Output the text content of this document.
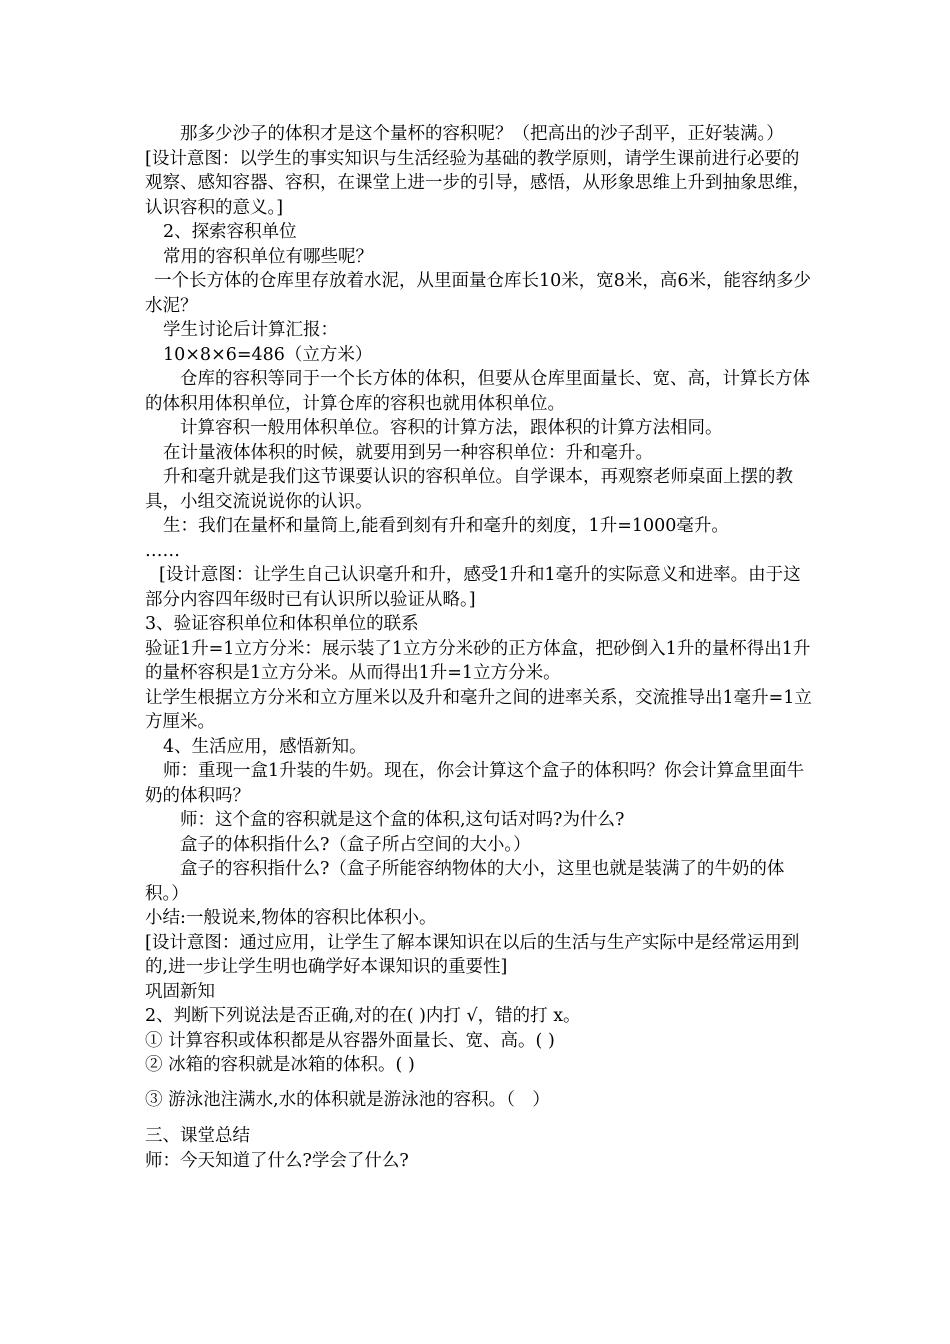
那多少沙子的体积才是这个量杯的容积呢？（把高出的沙子刮平，正好装满。）

[设计意图：以学生的事实知识与生活经验为基础的教学原则，请学生课前进行必要的观察、感知容器、容积，在课堂上进一步的引导，感悟，从形象思维上升到抽象思维，认识容积的意义。]

2、探索容积单位

常用的容积单位有哪些呢？

一个长方体的仓库里存放着水泥，从里面量仓库长10米，宽8米，高6米，能容纳多少水泥？

学生讨论后计算汇报：

10×8×6=486（立方米）

仓库的容积等同于一个长方体的体积，但要从仓库里面量长、宽、高，计算长方体的体积用体积单位，计算仓库的容积也就用体积单位。

计算容积一般用体积单位。容积的计算方法，跟体积的计算方法相同。

在计量液体体积的时候，就要用到另一种容积单位：升和毫升。

升和毫升就是我们这节课要认识的容积单位。自学课本，再观察老师桌面上摆的教具，小组交流说说你的认识。

生：我们在量杯和量筒上,能看到刻有升和毫升的刻度，1升=1000毫升。

……

[设计意图：让学生自己认识毫升和升，感受1升和1毫升的实际意义和进率。由于这部分内容四年级时已有认识所以验证从略。]

3、验证容积单位和体积单位的联系

验证1升=1立方分米：展示装了1立方分米砂的正方体盒，把砂倒入1升的量杯得出1升的量杯容积是1立方分米。从而得出1升=1立方分米。

让学生根据立方分米和立方厘米以及升和毫升之间的进率关系，交流推导出1毫升=1立方厘米。

4、生活应用，感悟新知。

师：重现一盒1升装的牛奶。现在，你会计算这个盒子的体积吗？你会计算盒里面牛奶的体积吗？

师：这个盒的容积就是这个盒的体积,这句话对吗?为什么?

盒子的体积指什么?（盒子所占空间的大小。）

盒子的容积指什么?（盒子所能容纳物体的大小，这里也就是装满了的牛奶的体积。）

小结:一般说来,物体的容积比体积小。

[设计意图：通过应用，让学生了解本课知识在以后的生活与生产实际中是经常运用到的,进一步让学生明也确学好本课知识的重要性]

巩固新知

2、判断下列说法是否正确,对的在( )内打 √，错的打 x。

① 计算容积或体积都是从容器外面量长、宽、高。( )

② 冰箱的容积就是冰箱的体积。( )

③ 游泳池注满水,水的体积就是游泳池的容积。（　）

三、课堂总结

师：今天知道了什么?学会了什么?
